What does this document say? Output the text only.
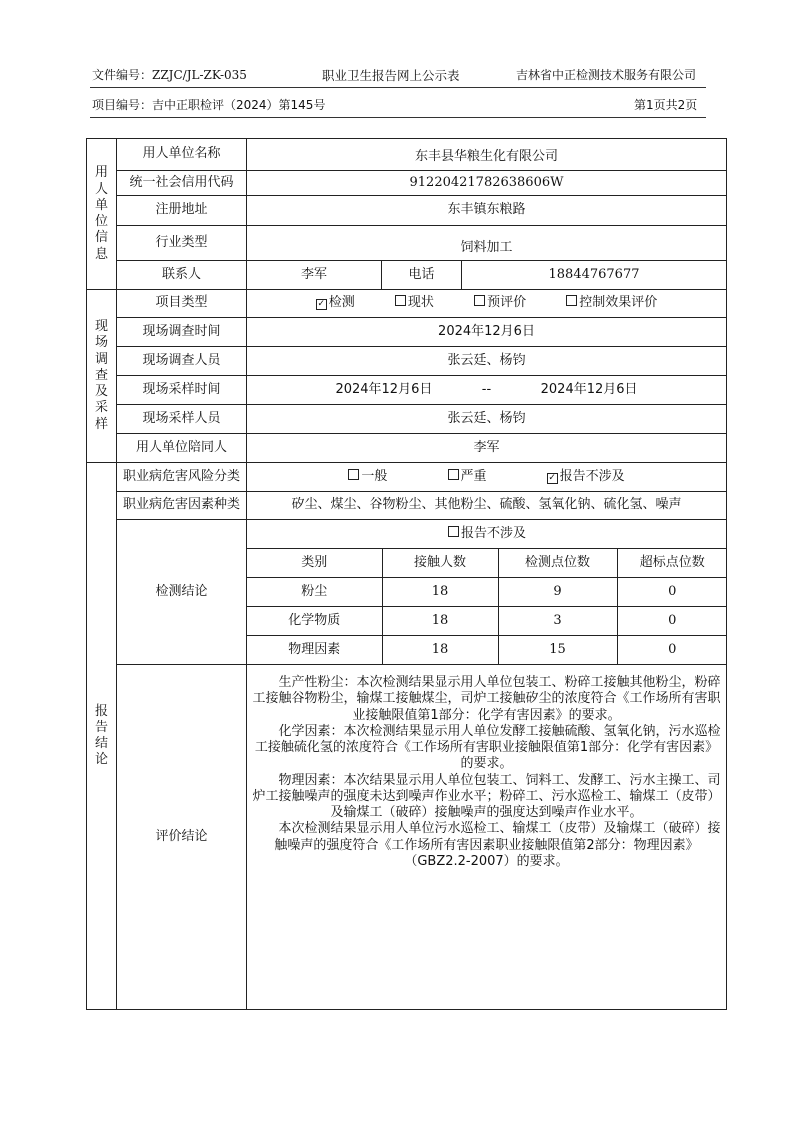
文件编号：ZZJC/JL-ZK-035	职业卫生报告网上公示表	吉林省中正检测技术服务有限公司
项目编号：吉中正职检评（2024）第145号	第1页共2页
用
人
单
位
信
息
	用人单位名称	东丰县华粮生化有限公司
统一社会信用代码	91220421782638606W
注册地址	东丰镇东粮路
行业类型	饲料加工
联系人	李军	电话	18844767677

现
场
调
查
及
采
样
	项目类型	✓ 检测	现状	预评价	控制效果评价
现场调查时间	2024年12月6日
现场调查人员	张云廷、杨钧
现场采样时间	2024年12月6日	--	2024年12月6日
现场采样人员	张云廷、杨钧
用人单位陪同人	李军

报
告
结
论
	职业病危害风险分类	一般	严重	✓ 报告不涉及
职业病危害因素种类	矽尘、煤尘、谷物粉尘、其他粉尘、硫酸、氢氧化钠、硫化氢、噪声
检测结论	
报告不涉及
类别	接触人数	检测点位数	超标点位数
粉尘	18	9	0
化学物质	18	3	0
物理因素	18	15	0

评价结论	

生产性粉尘：本次检测结果显示用人单位包装工、粉碎工接触其他粉尘，粉碎工接触谷物粉尘，输煤工接触煤尘，司炉工接触矽尘的浓度符合《工作场所有害职业接触限值第1部分：化学有害因素》的要求。

化学因素：本次检测结果显示用人单位发酵工接触硫酸、氢氧化钠，污水巡检工接触硫化氢的浓度符合《工作场所有害职业接触限值第1部分：化学有害因素》的要求。

物理因素：本次结果显示用人单位包装工、饲料工、发酵工、污水主操工、司炉工接触噪声的强度未达到噪声作业水平；粉碎工、污水巡检工、输煤工（皮带）及输煤工（破碎）接触噪声的强度达到噪声作业水平。

本次检测结果显示用人单位污水巡检工、输煤工（皮带）及输煤工（破碎）接触噪声的强度符合《工作场所有害因素职业接触限值第2部分：物理因素》（GBZ2.2-2007）的要求。
